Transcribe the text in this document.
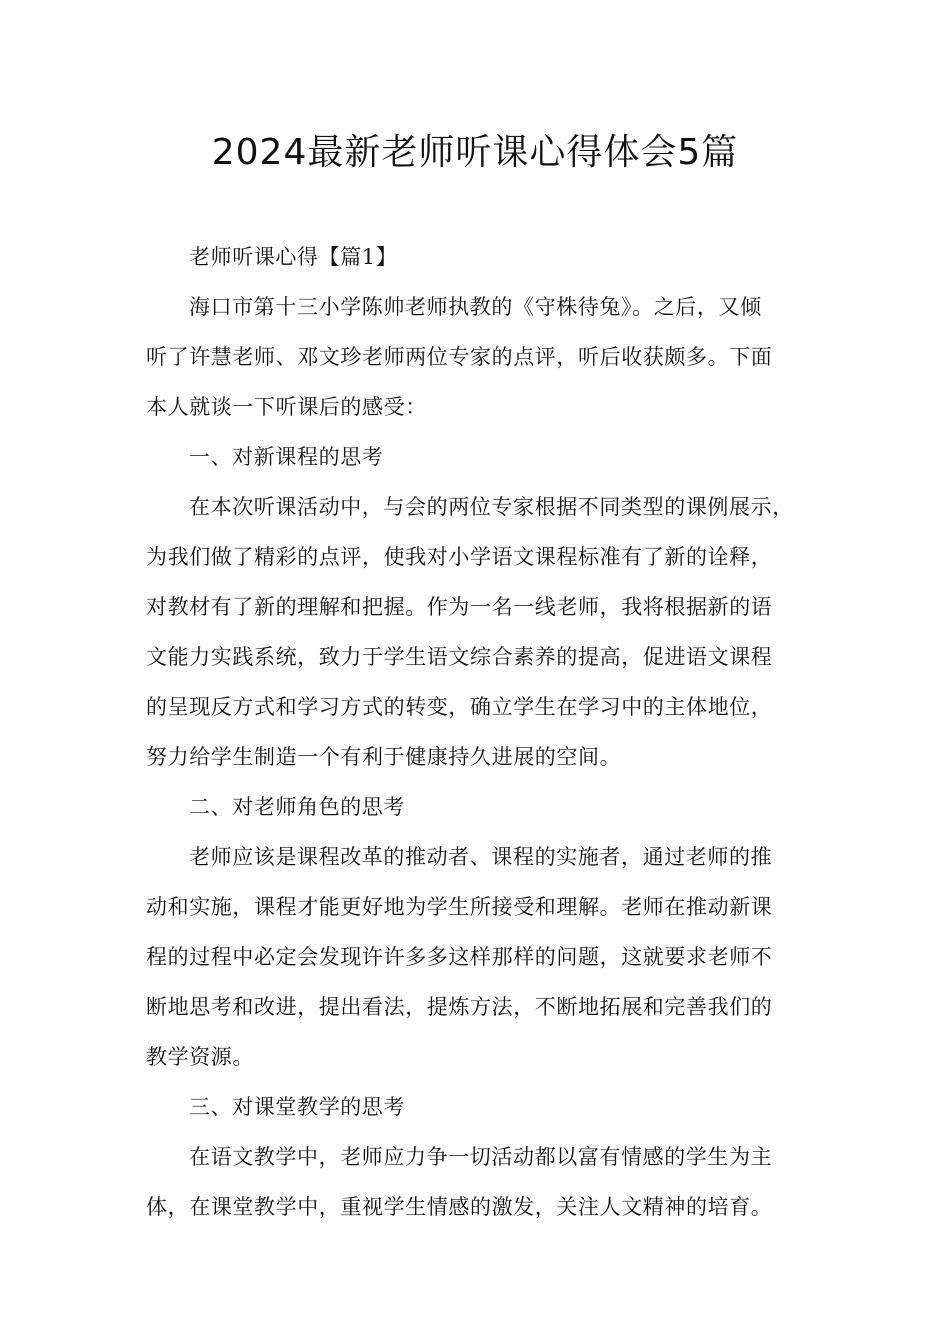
2024最新老师听课心得体会5篇
老师听课心得【篇1】
海口市第十三小学陈帅老师执教的《守株待兔》。之后，又倾
听了许慧老师、邓文珍老师两位专家的点评，听后收获颇多。下面
本人就谈一下听课后的感受：
一、对新课程的思考
在本次听课活动中，与会的两位专家根据不同类型的课例展示，
为我们做了精彩的点评，使我对小学语文课程标准有了新的诠释，
对教材有了新的理解和把握。作为一名一线老师，我将根据新的语
文能力实践系统，致力于学生语文综合素养的提高，促进语文课程
的呈现反方式和学习方式的转变，确立学生在学习中的主体地位，
努力给学生制造一个有利于健康持久进展的空间。
二、对老师角色的思考
老师应该是课程改革的推动者、课程的实施者，通过老师的推
动和实施，课程才能更好地为学生所接受和理解。老师在推动新课
程的过程中必定会发现许许多多这样那样的问题，这就要求老师不
断地思考和改进，提出看法，提炼方法，不断地拓展和完善我们的
教学资源。
三、对课堂教学的思考
在语文教学中，老师应力争一切活动都以富有情感的学生为主
体，在课堂教学中，重视学生情感的激发，关注人文精神的培育。
